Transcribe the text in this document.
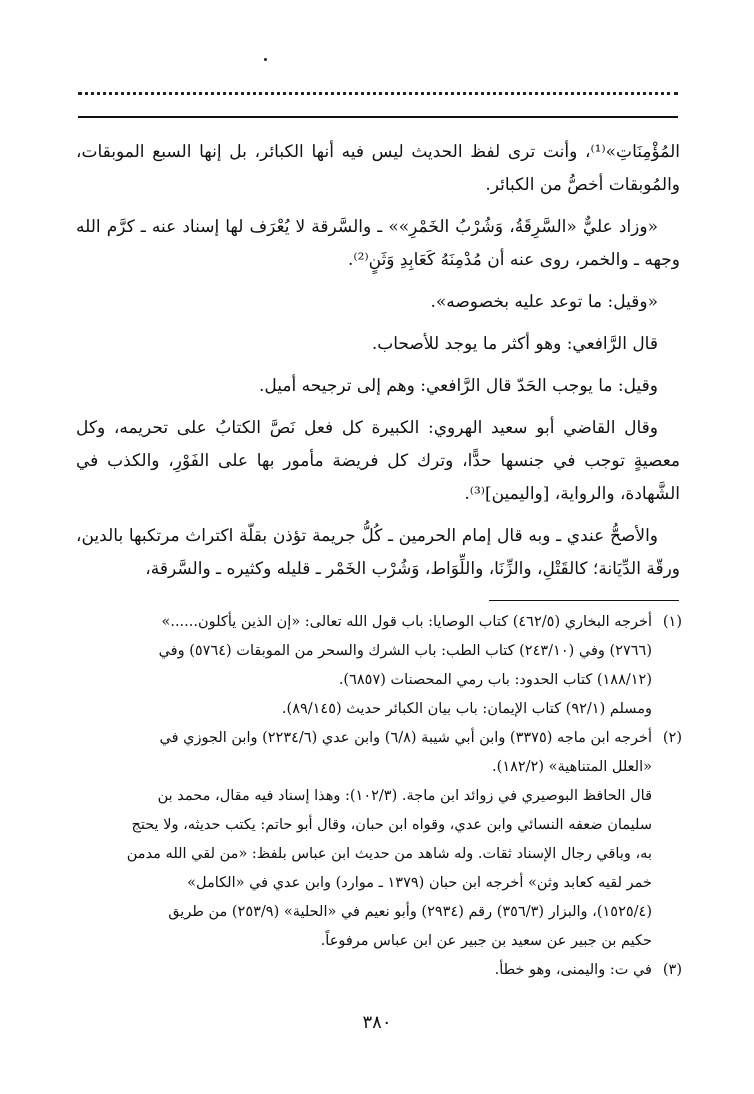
المُؤْمِنَاتِ»⁽¹⁾، وأنت ترى لفظ الحديث ليس فيه أنها الكبائر، بل إنها السبع الموبقات، والمُوبقات أخصُّ من الكبائر.

«وزاد عليٌّ «السَّرِقَةُ، وَشُرْبُ الخَمْرِ»» ـ والسَّرقة لا يُعْرَف لها إسناد عنه ـ كرَّم الله وجهه ـ والخمر، روى عنه أن مُدْمِنَهُ كَعَابِدِ وَثَنٍ⁽²⁾.

«وقيل: ما توعد عليه بخصوصه».

قال الرَّافعي: وهو أكثر ما يوجد للأصحاب.

وقيل: ما يوجب الحَدّ قال الرَّافعي: وهم إلى ترجيحه أميل.

وقال القاضي أبو سعيد الهروي: الكبيرة كل فعل نَصَّ الكتابُ على تحريمه، وكل معصيةٍ توجب في جنسها حدًّا، وترك كل فريضة مأمور بها على الفَوْرِ، والكذب في الشَّهادة، والرواية، [واليمين]⁽³⁾.

والأصحُّ عندي ـ وبه قال إمام الحرمين ـ كُلُّ جريمة تؤذن بقلّة اكتراث مرتكبها بالدين، ورقّة الدِّيَانة؛ كالقَتْلِ، والزِّنَا، واللِّوَاط، وَشُرْب الخَمْر ـ قليله وكثيره ـ والسَّرقة،

(١)

أخرجه البخاري (٤٦٢/٥) كتاب الوصايا: باب قول الله تعالى: «إن الذين يأكلون......»

(٢٧٦٦) وفي (٢٤٣/١٠) كتاب الطب: باب الشرك والسحر من الموبقات (٥٧٦٤) وفي

(١٨٨/١٢) كتاب الحدود: باب رمي المحصنات (٦٨٥٧).

ومسلم (٩٢/١) كتاب الإيمان: باب بيان الكبائر حديث (٨٩/١٤٥).

(٢)

أخرجه ابن ماجه (٣٣٧٥) وابن أبي شيبة (٦/٨) وابن عدي (٢٢٣٤/٦) وابن الجوزي في

«العلل المتناهية» (١٨٢/٢).

قال الحافظ البوصيري في زوائد ابن ماجة. (١٠٢/٣): وهذا إسناد فيه مقال، محمد بن

سليمان ضعفه النسائي وابن عدي، وقواه ابن حبان، وقال أبو حاتم: يكتب حديثه، ولا يحتج

به، وباقي رجال الإسناد ثقات. وله شاهد من حديث ابن عباس بلفظ: «من لقي الله مدمن

خمر لقيه كعابد وثن» أخرجه ابن حبان (١٣٧٩ ـ موارد) وابن عدي في «الكامل»

(١٥٢٥/٤)، والبزار (٣٥٦/٣) رقم (٢٩٣٤) وأبو نعيم في «الحلية» (٢٥٣/٩) من طريق

حكيم بن جبير عن سعيد بن جبير عن ابن عباس مرفوعاً.

(٣)

في ت: واليمنى، وهو خطأ.

٣٨٠
